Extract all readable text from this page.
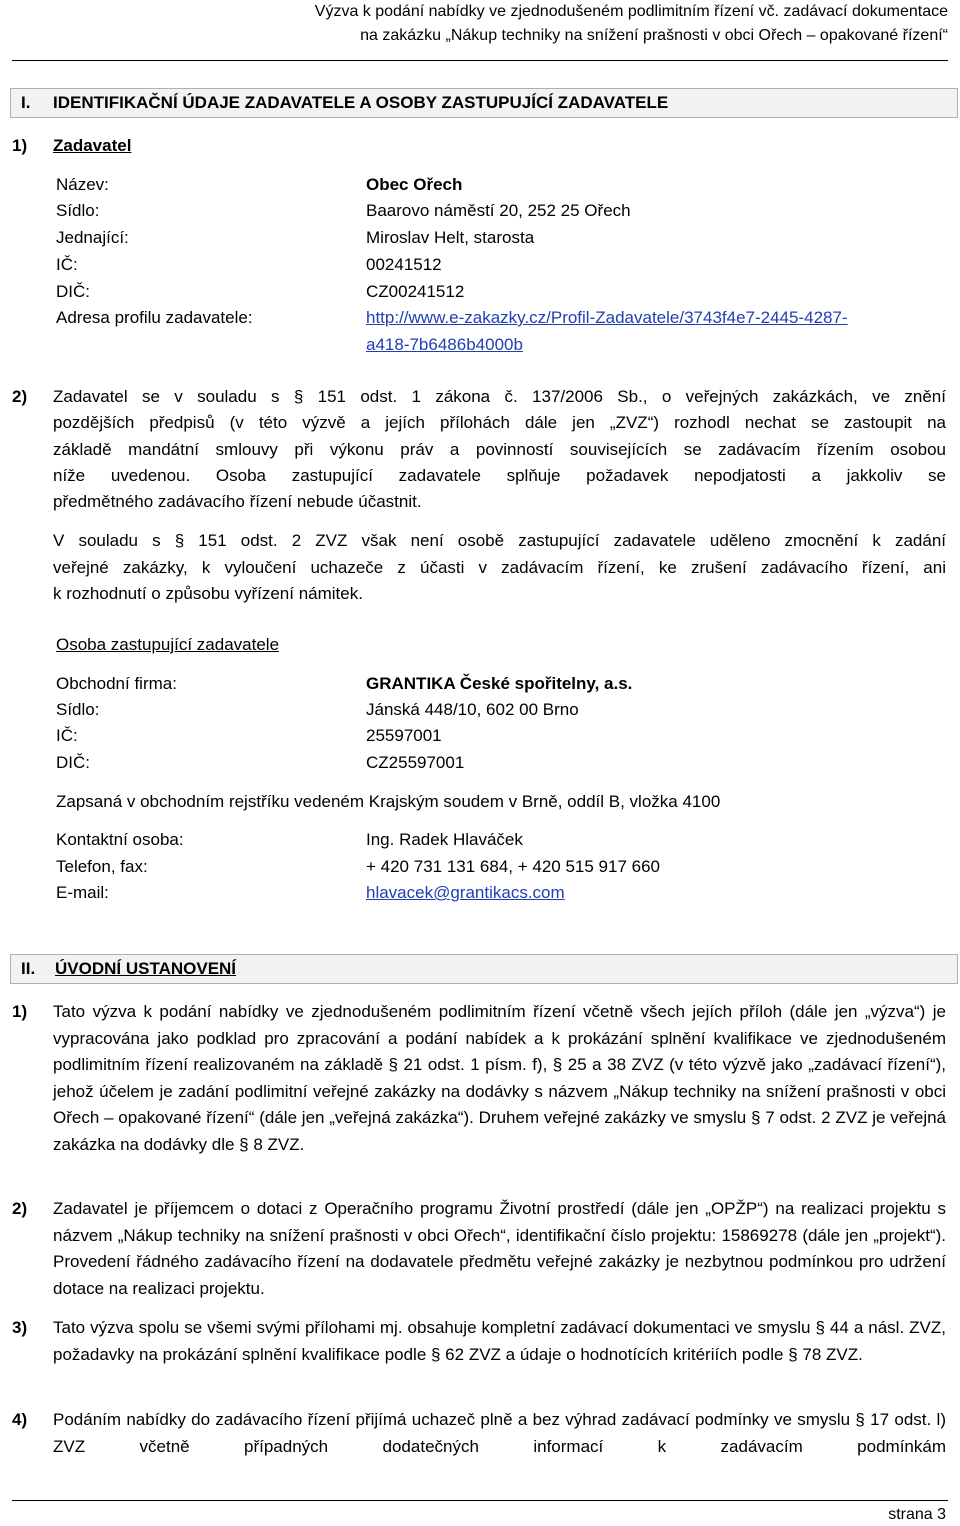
Výzva k podání nabídky ve zjednodušeném podlimitním řízení vč. zadávací dokumentace
na zakázku „Nákup techniky na snížení prašnosti v obci Ořech – opakované řízení“
I. IDENTIFIKAČNÍ ÚDAJE ZADAVATELE A OSOBY ZASTUPUJÍCÍ ZADAVATELE
1) Zadavatel
Název:	Obec Ořech
Sídlo:	Baarovo náměstí 20, 252 25 Ořech
Jednající:	Miroslav Helt, starosta
IČ:	00241512
DIČ:	CZ00241512
Adresa profilu zadavatele:	http://www.e-zakazky.cz/Profil-Zadavatele/3743f4e7-2445-4287-
a418-7b6486b4000b
2) Zadavatel se v souladu s § 151 odst. 1 zákona č. 137/2006 Sb., o veřejných zakázkách, ve znění
pozdějších předpisů (v této výzvě a jejích přílohách dále jen „ZVZ“) rozhodl nechat se zastoupit na
základě mandátní smlouvy při výkonu práv a povinností souvisejících se zadávacím řízením osobou
níže uvedenou. Osoba zastupující zadavatele splňuje požadavek nepodjatosti a jakkoliv se
předmětného zadávacího řízení nebude účastnit.
V souladu s § 151 odst. 2 ZVZ však není osobě zastupující zadavatele uděleno zmocnění k zadání
veřejné zakázky, k vyloučení uchazeče z účasti v zadávacím řízení, ke zrušení zadávacího řízení, ani
k rozhodnutí o způsobu vyřízení námitek.
Osoba zastupující zadavatele
Obchodní firma:	GRANTIKA České spořitelny, a.s.
Sídlo:	Jánská 448/10, 602 00 Brno
IČ:	25597001
DIČ:	CZ25597001
Zapsaná v obchodním rejstříku vedeném Krajským soudem v Brně, oddíl B, vložka 4100
Kontaktní osoba:	Ing. Radek Hlaváček
Telefon, fax:	+ 420 731 131 684, + 420 515 917 660
E-mail:	hlavacek@grantikacs.com
II. ÚVODNÍ USTANOVENÍ
1) Tato výzva k podání nabídky ve zjednodušeném podlimitním řízení včetně všech jejích příloh (dále jen „výzva“) je vypracována jako podklad pro zpracování a podání nabídek a k prokázání splnění kvalifikace ve zjednodušeném podlimitním řízení realizovaném na základě § 21 odst. 1 písm. f), § 25 a 38 ZVZ (v této výzvě jako „zadávací řízení“), jehož účelem je zadání podlimitní veřejné zakázky na dodávky s názvem „Nákup techniky na snížení prašnosti v obci Ořech – opakované řízení“ (dále jen „veřejná zakázka“). Druhem veřejné zakázky ve smyslu § 7 odst. 2 ZVZ je veřejná zakázka na dodávky dle § 8 ZVZ.
2) Zadavatel je příjemcem o dotaci z Operačního programu Životní prostředí (dále jen „OPŽP“) na realizaci projektu s názvem „Nákup techniky na snížení prašnosti v obci Ořech“, identifikační číslo projektu: 15869278 (dále jen „projekt“). Provedení řádného zadávacího řízení na dodavatele předmětu veřejné zakázky je nezbytnou podmínkou pro udržení dotace na realizaci projektu.
3) Tato výzva spolu se všemi svými přílohami mj. obsahuje kompletní zadávací dokumentaci ve smyslu § 44 a násl. ZVZ, požadavky na prokázání splnění kvalifikace podle § 62 ZVZ a údaje o hodnotících kritériích podle § 78 ZVZ.
4) Podáním nabídky do zadávacího řízení přijímá uchazeč plně a bez výhrad zadávací podmínky ve smyslu § 17 odst. l) ZVZ včetně případných dodatečných informací k zadávacím podmínkám
strana 3
